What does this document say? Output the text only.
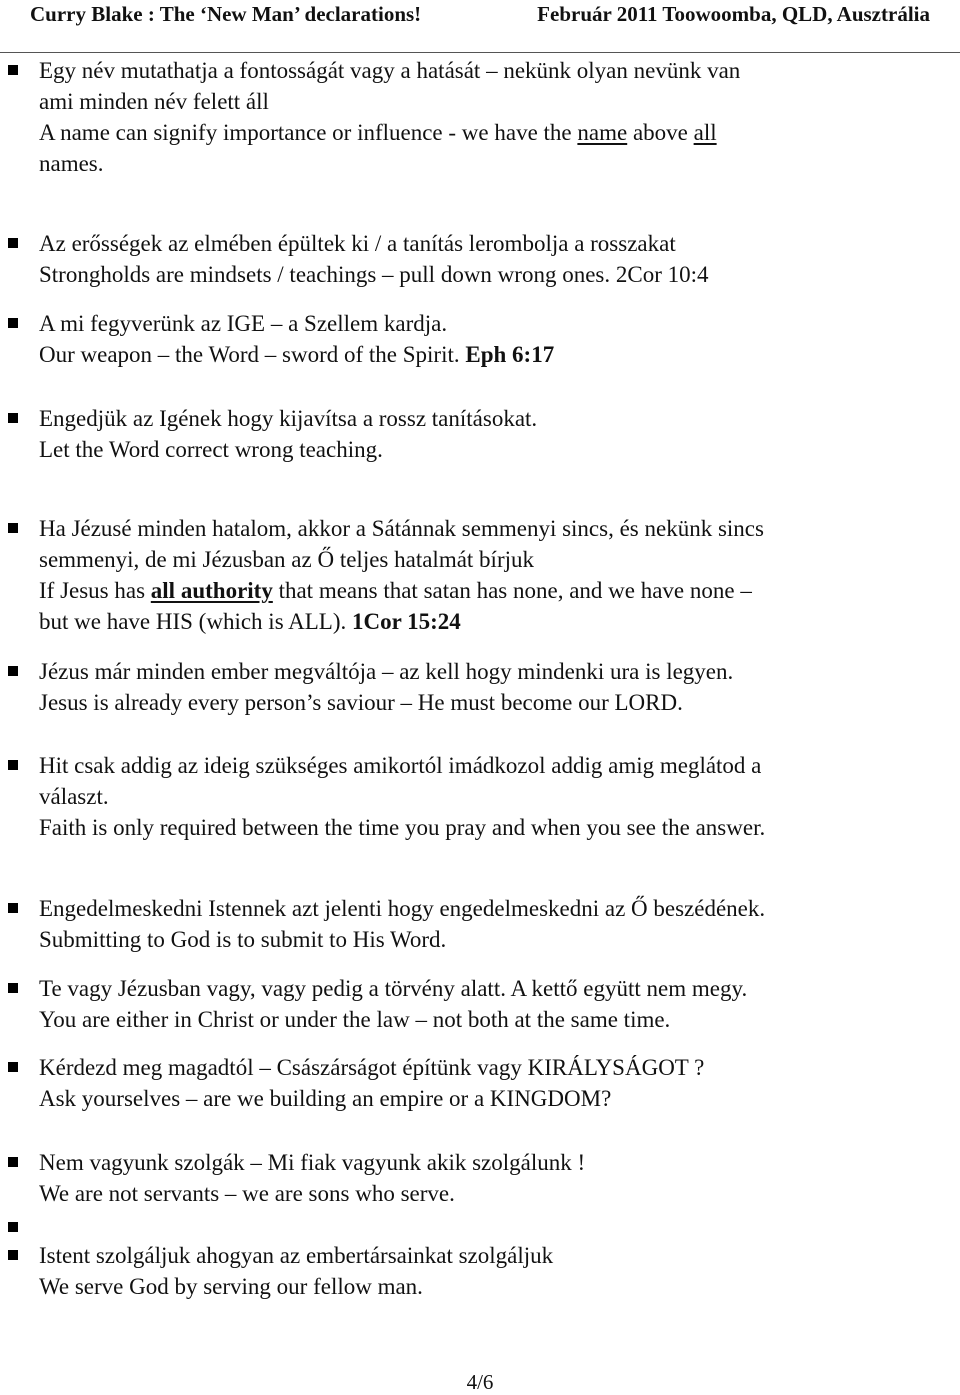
Curry Blake : The ‘New Man’ declarations!	Február 2011 Toowoomba, QLD, Ausztrália
Egy név mutathatja a fontosságát vagy a hatását – nekünk olyan nevünk van
ami minden név felett áll
A name can signify importance or influence - we have the name above all
names.
Az erősségek az elmében épültek ki / a tanítás lerombolja a rosszakat
Strongholds are mindsets / teachings – pull down wrong ones. 2Cor 10:4
A mi fegyverünk az IGE – a Szellem kardja.
Our weapon – the Word – sword of the Spirit. Eph 6:17
Engedjük az Igének hogy kijavítsa a rossz tanításokat.
Let the Word correct wrong teaching.
Ha Jézusé minden hatalom, akkor a Sátánnak semmenyi sincs, és nekünk sincs
semmenyi, de mi Jézusban az Ő teljes hatalmát bírjuk
If Jesus has all authority that means that satan has none, and we have none –
but we have HIS (which is ALL). 1Cor 15:24
Jézus már minden ember megváltója – az kell hogy mindenki ura is legyen.
Jesus is already every person’s saviour – He must become our LORD.
Hit csak addig az ideig szükséges amikortól imádkozol addig amig meglátod a
választ.
Faith is only required between the time you pray and when you see the answer.
Engedelmeskedni Istennek azt jelenti hogy engedelmeskedni az Ő beszédének.
Submitting to God is to submit to His Word.
Te vagy Jézusban vagy, vagy pedig a törvény alatt. A kettő együtt nem megy.
You are either in Christ or under the law – not both at the same time.
Kérdezd meg magadtól – Császárságot építünk vagy KIRÁLYSÁGOT ?
Ask yourselves – are we building an empire or a KINGDOM?
Nem vagyunk szolgák – Mi fiak vagyunk akik szolgálunk !
We are not servants – we are sons who serve.
Istent szolgáljuk ahogyan az embertársainkat szolgáljuk
We serve God by serving our fellow man.
4/6
